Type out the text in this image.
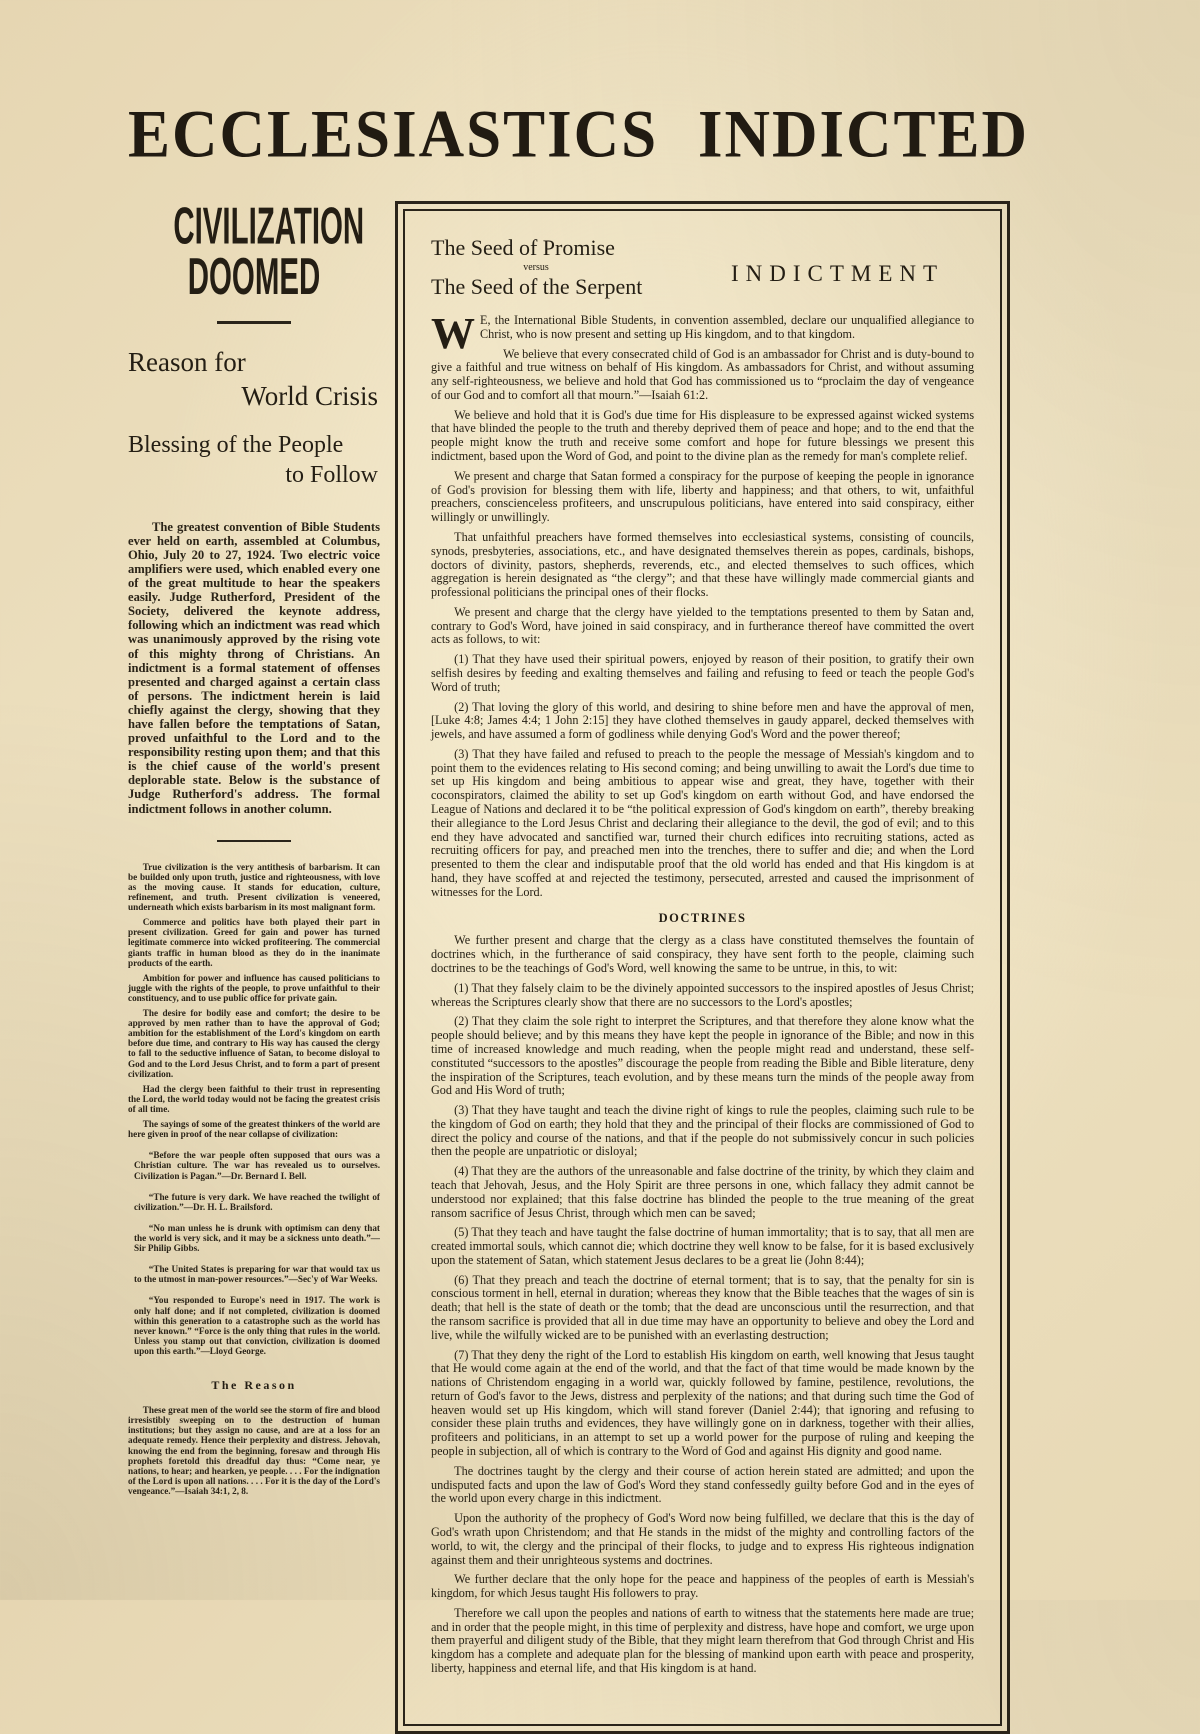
ECCLESIASTICS INDICTED
CIVILIZATION
DOOMED
Reason for
World Crisis
Blessing of the People
to Follow

The greatest convention of Bible Students ever held on earth, assembled at Columbus, Ohio, July 20 to 27, 1924. Two electric voice amplifiers were used, which enabled every one of the great multitude to hear the speakers easily. Judge Rutherford, President of the Society, delivered the keynote address, following which an indictment was read which was unanimously approved by the rising vote of this mighty throng of Christians. An indictment is a formal statement of offenses presented and charged against a certain class of persons. The indictment herein is laid chiefly against the clergy, showing that they have fallen before the temptations of Satan, proved unfaithful to the Lord and to the responsibility resting upon them; and that this is the chief cause of the world's present deplorable state. Below is the substance of Judge Rutherford's address. The formal indictment follows in another column.

True civilization is the very antithesis of barbarism. It can be builded only upon truth, justice and righteousness, with love as the moving cause. It stands for education, culture, refinement, and truth. Present civilization is veneered, underneath which exists barbarism in its most malignant form.

Commerce and politics have both played their part in present civilization. Greed for gain and power has turned legitimate commerce into wicked profiteering. The commercial giants traffic in human blood as they do in the inanimate products of the earth.

Ambition for power and influence has caused politicians to juggle with the rights of the people, to prove unfaithful to their constituency, and to use public office for private gain.

The desire for bodily ease and comfort; the desire to be approved by men rather than to have the approval of God; ambition for the establishment of the Lord's kingdom on earth before due time, and contrary to His way has caused the clergy to fall to the seductive influence of Satan, to become disloyal to God and to the Lord Jesus Christ, and to form a part of present civilization.

Had the clergy been faithful to their trust in representing the Lord, the world today would not be facing the greatest crisis of all time.

The sayings of some of the greatest thinkers of the world are here given in proof of the near collapse of civilization:

“Before the war people often supposed that ours was a Christian culture. The war has revealed us to ourselves. Civilization is Pagan.”—Dr. Bernard I. Bell.

“The future is very dark. We have reached the twilight of civilization.”—Dr. H. L. Brailsford.

“No man unless he is drunk with optimism can deny that the world is very sick, and it may be a sickness unto death.”—Sir Philip Gibbs.

“The United States is preparing for war that would tax us to the utmost in man-power resources.”—Sec'y of War Weeks.

“You responded to Europe's need in 1917. The work is only half done; and if not completed, civilization is doomed within this generation to a catastrophe such as the world has never known.” “Force is the only thing that rules in the world. Unless you stamp out that conviction, civilization is doomed upon this earth.”—Lloyd George.

The Reason

These great men of the world see the storm of fire and blood irresistibly sweeping on to the destruction of human institutions; but they assign no cause, and are at a loss for an adequate remedy. Hence their perplexity and distress. Jehovah, knowing the end from the beginning, foresaw and through His prophets foretold this dreadful day thus: “Come near, ye nations, to hear; and hearken, ye people. . . . For the indignation of the Lord is upon all nations. . . . For it is the day of the Lord's vengeance.”—Isaiah 34:1, 2, 8.

The Seed of Promise
versus
The Seed of the Serpent
INDICTMENT

W E, the International Bible Students, in convention assembled, declare our unqualified allegiance to Christ, who is now present and setting up His kingdom, and to that kingdom.

We believe that every consecrated child of God is an ambassador for Christ and is duty-bound to give a faithful and true witness on behalf of His kingdom. As ambassadors for Christ, and without assuming any self-righteousness, we believe and hold that God has commissioned us to “proclaim the day of vengeance of our God and to comfort all that mourn.”—Isaiah 61:2.

We believe and hold that it is God's due time for His displeasure to be expressed against wicked systems that have blinded the people to the truth and thereby deprived them of peace and hope; and to the end that the people might know the truth and receive some comfort and hope for future blessings we present this indictment, based upon the Word of God, and point to the divine plan as the remedy for man's complete relief.

We present and charge that Satan formed a conspiracy for the purpose of keeping the people in ignorance of God's provision for blessing them with life, liberty and happiness; and that others, to wit, unfaithful preachers, conscienceless profiteers, and unscrupulous politicians, have entered into said conspiracy, either willingly or unwillingly.

That unfaithful preachers have formed themselves into ecclesiastical systems, consisting of councils, synods, presbyteries, associations, etc., and have designated themselves therein as popes, cardinals, bishops, doctors of divinity, pastors, shepherds, reverends, etc., and elected themselves to such offices, which aggregation is herein designated as “the clergy”; and that these have willingly made commercial giants and professional politicians the principal ones of their flocks.

We present and charge that the clergy have yielded to the temptations presented to them by Satan and, contrary to God's Word, have joined in said conspiracy, and in furtherance thereof have committed the overt acts as follows, to wit:

(1) That they have used their spiritual powers, enjoyed by reason of their position, to gratify their own selfish desires by feeding and exalting themselves and failing and refusing to feed or teach the people God's Word of truth;

(2) That loving the glory of this world, and desiring to shine before men and have the approval of men, [Luke 4:8; James 4:4; 1 John 2:15] they have clothed themselves in gaudy apparel, decked themselves with jewels, and have assumed a form of godliness while denying God's Word and the power thereof;

(3) That they have failed and refused to preach to the people the message of Messiah's kingdom and to point them to the evidences relating to His second coming; and being unwilling to await the Lord's due time to set up His kingdom and being ambitious to appear wise and great, they have, together with their coconspirators, claimed the ability to set up God's kingdom on earth without God, and have endorsed the League of Nations and declared it to be “the political expression of God's kingdom on earth”, thereby breaking their allegiance to the Lord Jesus Christ and declaring their allegiance to the devil, the god of evil; and to this end they have advocated and sanctified war, turned their church edifices into recruiting stations, acted as recruiting officers for pay, and preached men into the trenches, there to suffer and die; and when the Lord presented to them the clear and indisputable proof that the old world has ended and that His kingdom is at hand, they have scoffed at and rejected the testimony, persecuted, arrested and caused the imprisonment of witnesses for the Lord.

DOCTRINES

We further present and charge that the clergy as a class have constituted themselves the fountain of doctrines which, in the furtherance of said conspiracy, they have sent forth to the people, claiming such doctrines to be the teachings of God's Word, well knowing the same to be untrue, in this, to wit:

(1) That they falsely claim to be the divinely appointed successors to the inspired apostles of Jesus Christ; whereas the Scriptures clearly show that there are no successors to the Lord's apostles;

(2) That they claim the sole right to interpret the Scriptures, and that therefore they alone know what the people should believe; and by this means they have kept the people in ignorance of the Bible; and now in this time of increased knowledge and much reading, when the people might read and understand, these self-constituted “successors to the apostles” discourage the people from reading the Bible and Bible literature, deny the inspiration of the Scriptures, teach evolution, and by these means turn the minds of the people away from God and His Word of truth;

(3) That they have taught and teach the divine right of kings to rule the peoples, claiming such rule to be the kingdom of God on earth; they hold that they and the principal of their flocks are commissioned of God to direct the policy and course of the nations, and that if the people do not submissively concur in such policies then the people are unpatriotic or disloyal;

(4) That they are the authors of the unreasonable and false doctrine of the trinity, by which they claim and teach that Jehovah, Jesus, and the Holy Spirit are three persons in one, which fallacy they admit cannot be understood nor explained; that this false doctrine has blinded the people to the true meaning of the great ransom sacrifice of Jesus Christ, through which men can be saved;

(5) That they teach and have taught the false doctrine of human immortality; that is to say, that all men are created immortal souls, which cannot die; which doctrine they well know to be false, for it is based exclusively upon the statement of Satan, which statement Jesus declares to be a great lie (John 8:44);

(6) That they preach and teach the doctrine of eternal torment; that is to say, that the penalty for sin is conscious torment in hell, eternal in duration; whereas they know that the Bible teaches that the wages of sin is death; that hell is the state of death or the tomb; that the dead are unconscious until the resurrection, and that the ransom sacrifice is provided that all in due time may have an opportunity to believe and obey the Lord and live, while the wilfully wicked are to be punished with an everlasting destruction;

(7) That they deny the right of the Lord to establish His kingdom on earth, well knowing that Jesus taught that He would come again at the end of the world, and that the fact of that time would be made known by the nations of Christendom engaging in a world war, quickly followed by famine, pestilence, revolutions, the return of God's favor to the Jews, distress and perplexity of the nations; and that during such time the God of heaven would set up His kingdom, which will stand forever (Daniel 2:44); that ignoring and refusing to consider these plain truths and evidences, they have willingly gone on in darkness, together with their allies, profiteers and politicians, in an attempt to set up a world power for the purpose of ruling and keeping the people in subjection, all of which is contrary to the Word of God and against His dignity and good name.

The doctrines taught by the clergy and their course of action herein stated are admitted; and upon the undisputed facts and upon the law of God's Word they stand confessedly guilty before God and in the eyes of the world upon every charge in this indictment.

Upon the authority of the prophecy of God's Word now being fulfilled, we declare that this is the day of God's wrath upon Christendom; and that He stands in the midst of the mighty and controlling factors of the world, to wit, the clergy and the principal of their flocks, to judge and to express His righteous indignation against them and their unrighteous systems and doctrines.

We further declare that the only hope for the peace and happiness of the peoples of earth is Messiah's kingdom, for which Jesus taught His followers to pray.

Therefore we call upon the peoples and nations of earth to witness that the statements here made are true; and in order that the people might, in this time of perplexity and distress, have hope and comfort, we urge upon them prayerful and diligent study of the Bible, that they might learn therefrom that God through Christ and His kingdom has a complete and adequate plan for the blessing of mankind upon earth with peace and prosperity, liberty, happiness and eternal life, and that His kingdom is at hand.
